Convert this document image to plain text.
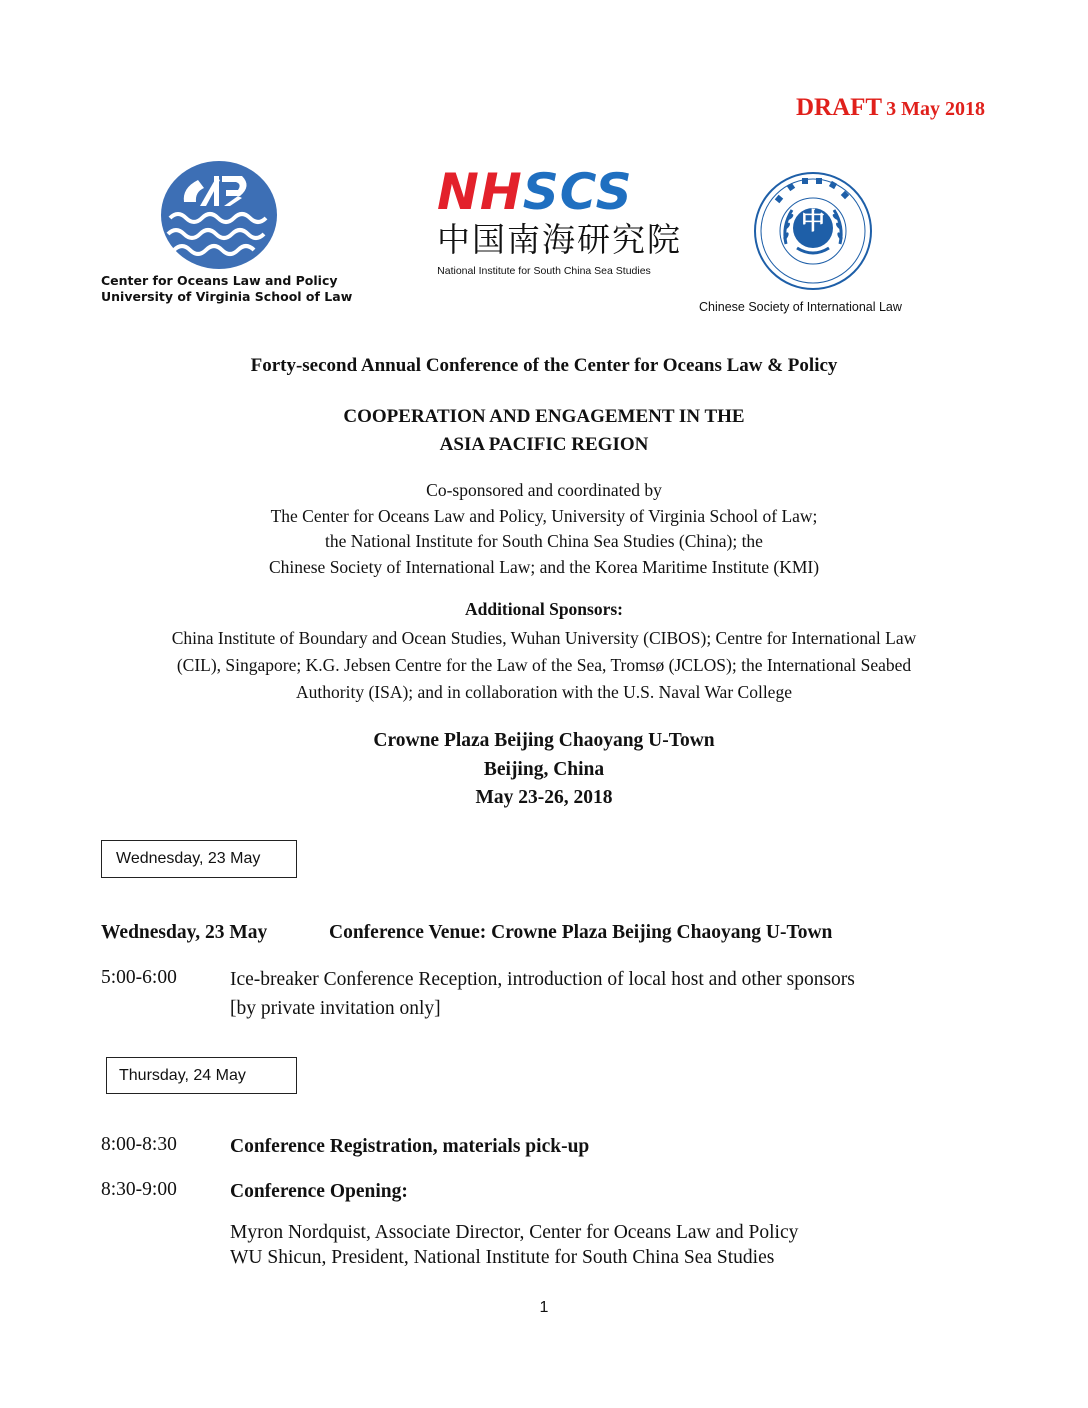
DRAFT 3 May 2018
Center for Oceans Law and Policy
University of Virginia School of Law
NHSCS
中国南海研究院
National Institute for South China Sea Studies
中
Chinese Society of International Law
Forty-second Annual Conference of the Center for Oceans Law & Policy
COOPERATION AND ENGAGEMENT IN THE
ASIA PACIFIC REGION
Co-sponsored and coordinated by
The Center for Oceans Law and Policy, University of Virginia School of Law;
the National Institute for South China Sea Studies (China); the
Chinese Society of International Law; and the Korea Maritime Institute (KMI)
Additional Sponsors:
China Institute of Boundary and Ocean Studies, Wuhan University (CIBOS); Centre for International Law
(CIL), Singapore; K.G. Jebsen Centre for the Law of the Sea, Tromsø (JCLOS); the International Seabed
Authority (ISA); and in collaboration with the U.S. Naval War College
Crowne Plaza Beijing Chaoyang U-Town
Beijing, China
May 23-26, 2018
Wednesday, 23 May
Wednesday, 23 May	Conference Venue: Crowne Plaza Beijing Chaoyang U-Town
5:00-6:00	Ice-breaker Conference Reception, introduction of local host and other sponsors
[by private invitation only]
Thursday, 24 May
8:00-8:30	Conference Registration, materials pick-up
8:30-9:00	Conference Opening:
Myron Nordquist, Associate Director, Center for Oceans Law and Policy
WU Shicun, President, National Institute for South China Sea Studies
1
